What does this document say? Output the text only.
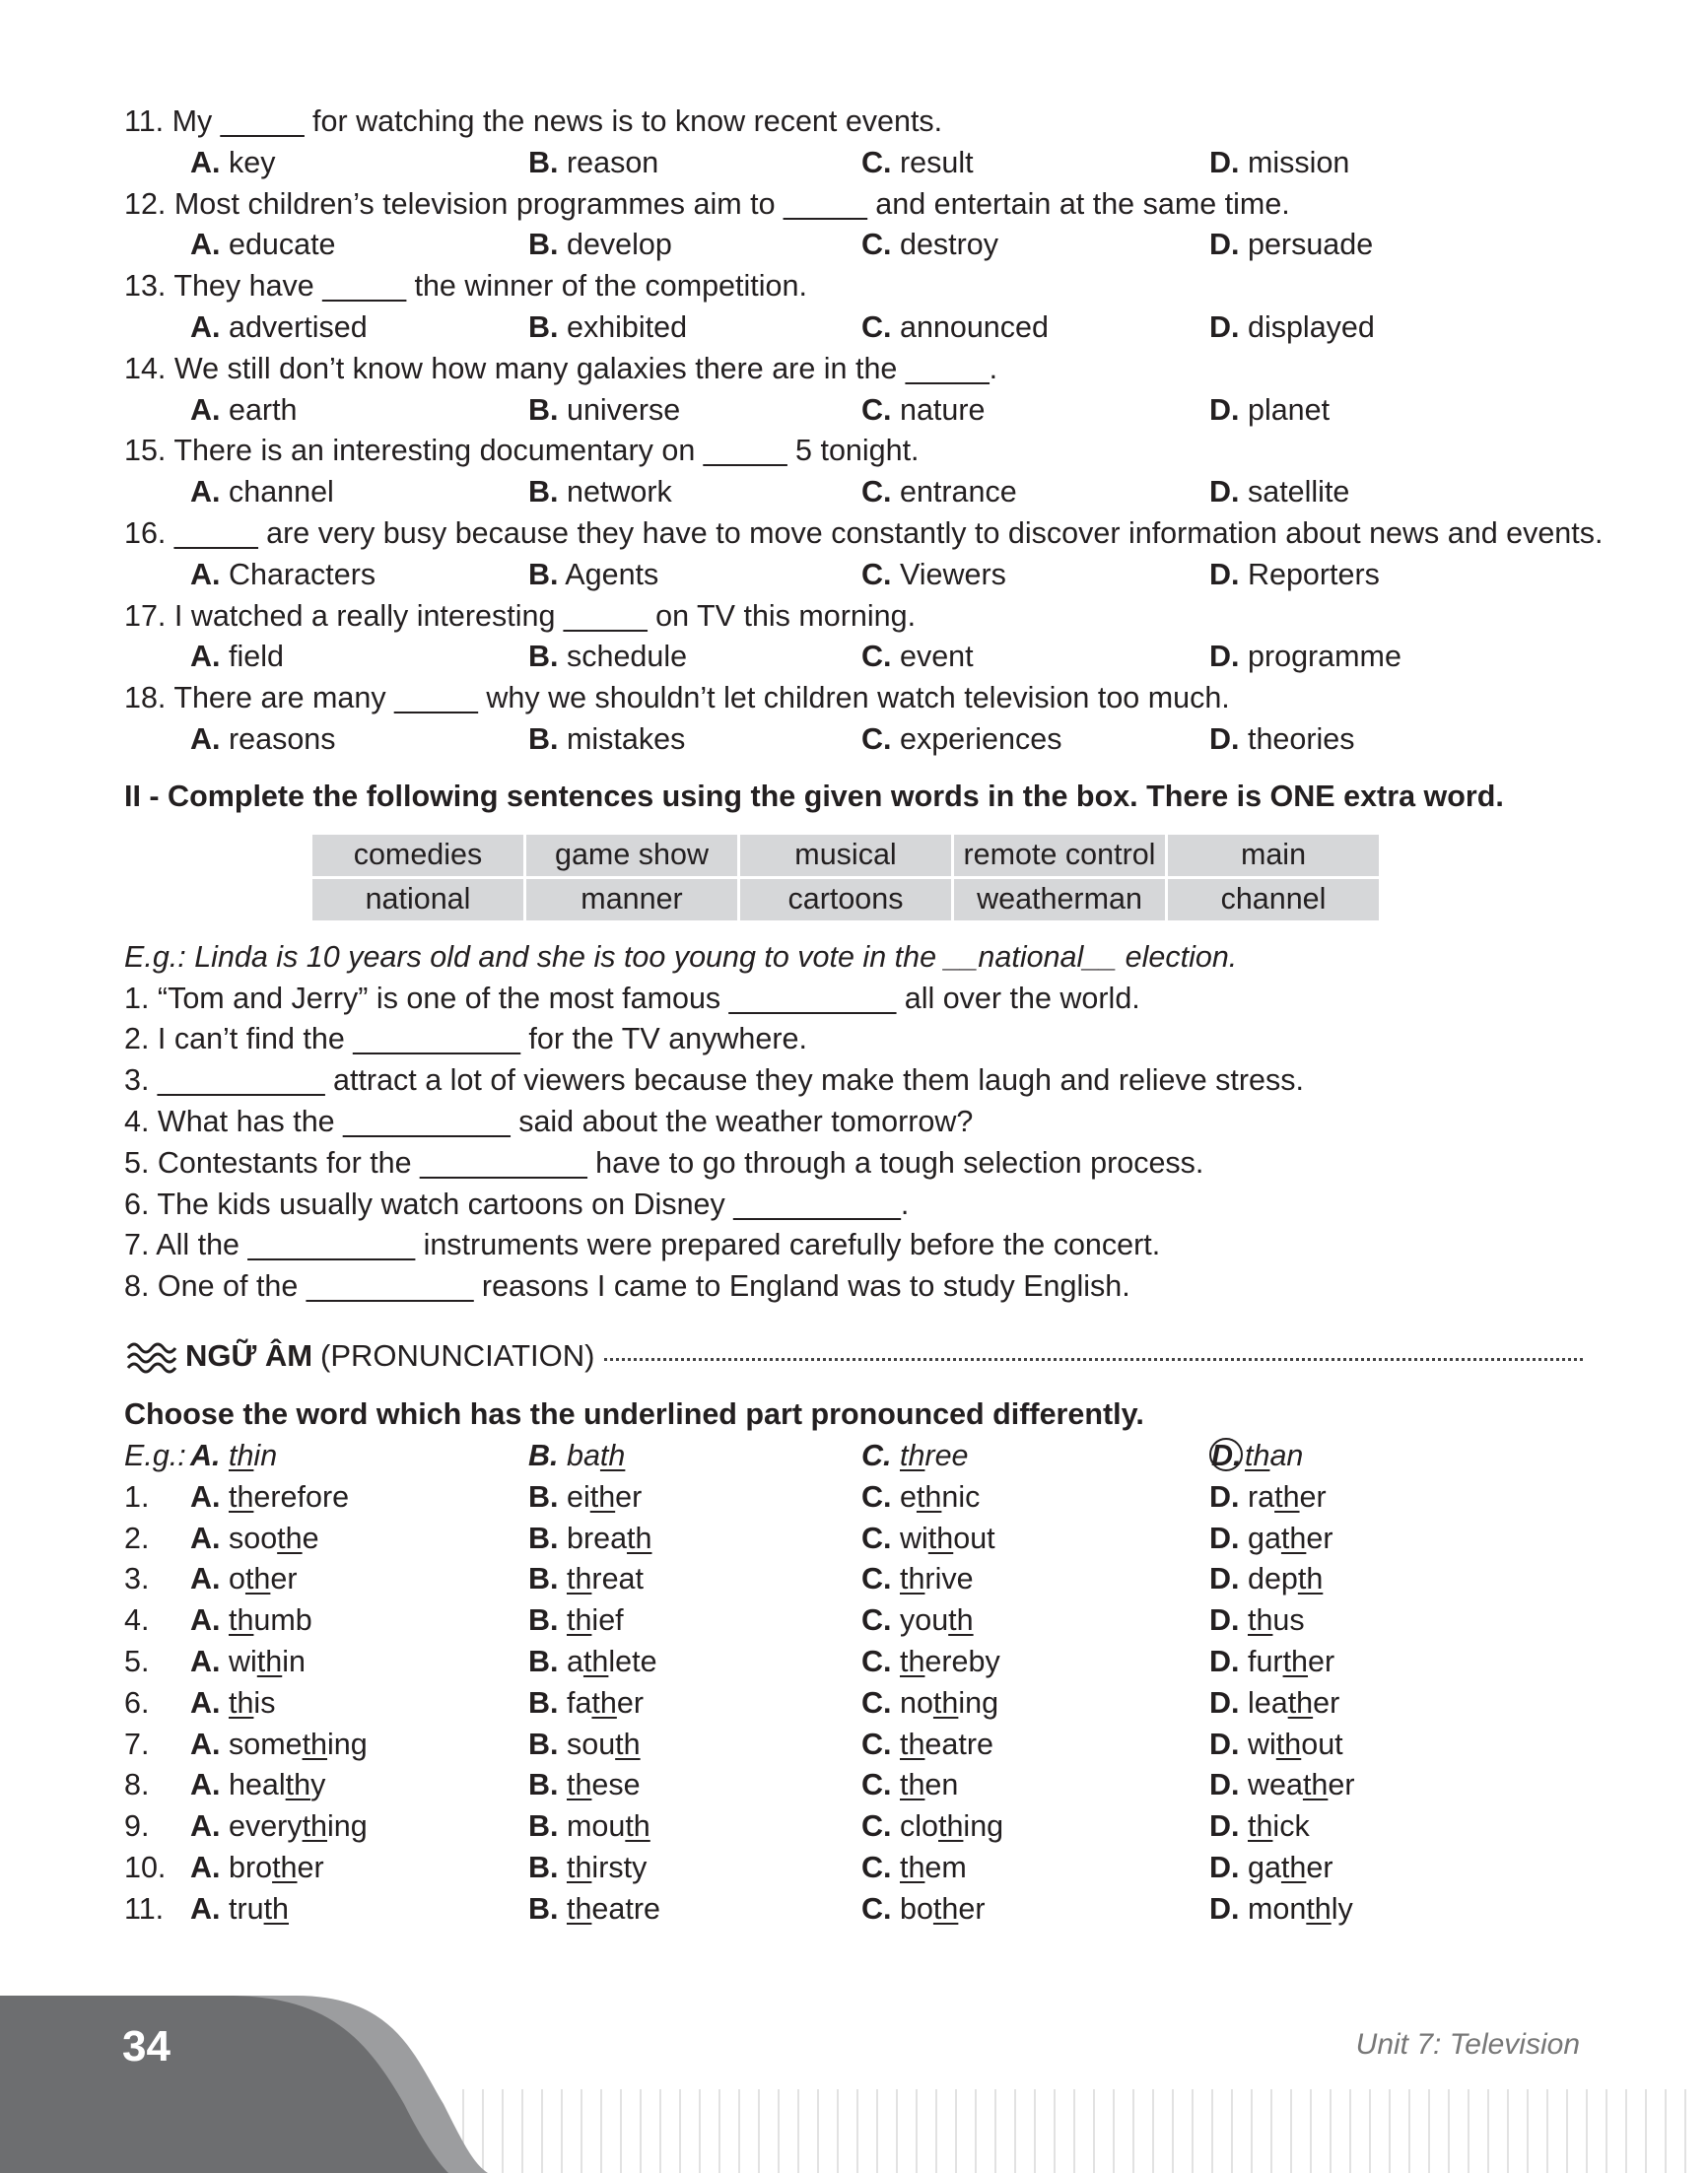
11. My _____ for watching the news is to know recent events.
A. key	B. reason	C. result	D. mission
12. Most children’s television programmes aim to _____ and entertain at the same time.
A. educate	B. develop	C. destroy	D. persuade
13. They have _____ the winner of the competition.
A. advertised	B. exhibited	C. announced	D. displayed
14. We still don’t know how many galaxies there are in the _____.
A. earth	B. universe	C. nature	D. planet
15. There is an interesting documentary on _____ 5 tonight.
A. channel	B. network	C. entrance	D. satellite
16. _____ are very busy because they have to move constantly to discover information about news and events.
A. Characters	B. Agents	C. Viewers	D. Reporters
17. I watched a really interesting _____ on TV this morning.
A. field	B. schedule	C. event	D. programme
18. There are many _____ why we shouldn’t let children watch television too much.
A. reasons	B. mistakes	C. experiences	D. theories
II - Complete the following sentences using the given words in the box. There is ONE extra word.
comedies	game show	musical	remote control	main
national	manner	cartoons	weatherman	channel
E.g.: Linda is 10 years old and she is too young to vote in the __national__ election.
1. “Tom and Jerry” is one of the most famous __________ all over the world.
2. I can’t find the __________ for the TV anywhere.
3. __________ attract a lot of viewers because they make them laugh and relieve stress.
4. What has the __________ said about the weather tomorrow?
5. Contestants for the __________ have to go through a tough selection process.
6. The kids usually watch cartoons on Disney __________.
7. All the __________ instruments were prepared carefully before the concert.
8. One of the __________ reasons I came to England was to study English.
NGỮ ÂM (PRONUNCIATION)
Choose the word which has the underlined part pronounced differently.
E.g.: A. thin	B. bath	C. three	D. than
1. A. therefore	B. either	C. ethnic	D. rather
2. A. soothe	B. breath	C. without	D. gather
3. A. other	B. threat	C. thrive	D. depth
4. A. thumb	B. thief	C. youth	D. thus
5. A. within	B. athlete	C. thereby	D. further
6. A. this	B. father	C. nothing	D. leather
7. A. something	B. south	C. theatre	D. without
8. A. healthy	B. these	C. then	D. weather
9. A. everything	B. mouth	C. clothing	D. thick
10. A. brother	B. thirsty	C. them	D. gather
11. A. truth	B. theatre	C. bother	D. monthly
34	Unit 7: Television
